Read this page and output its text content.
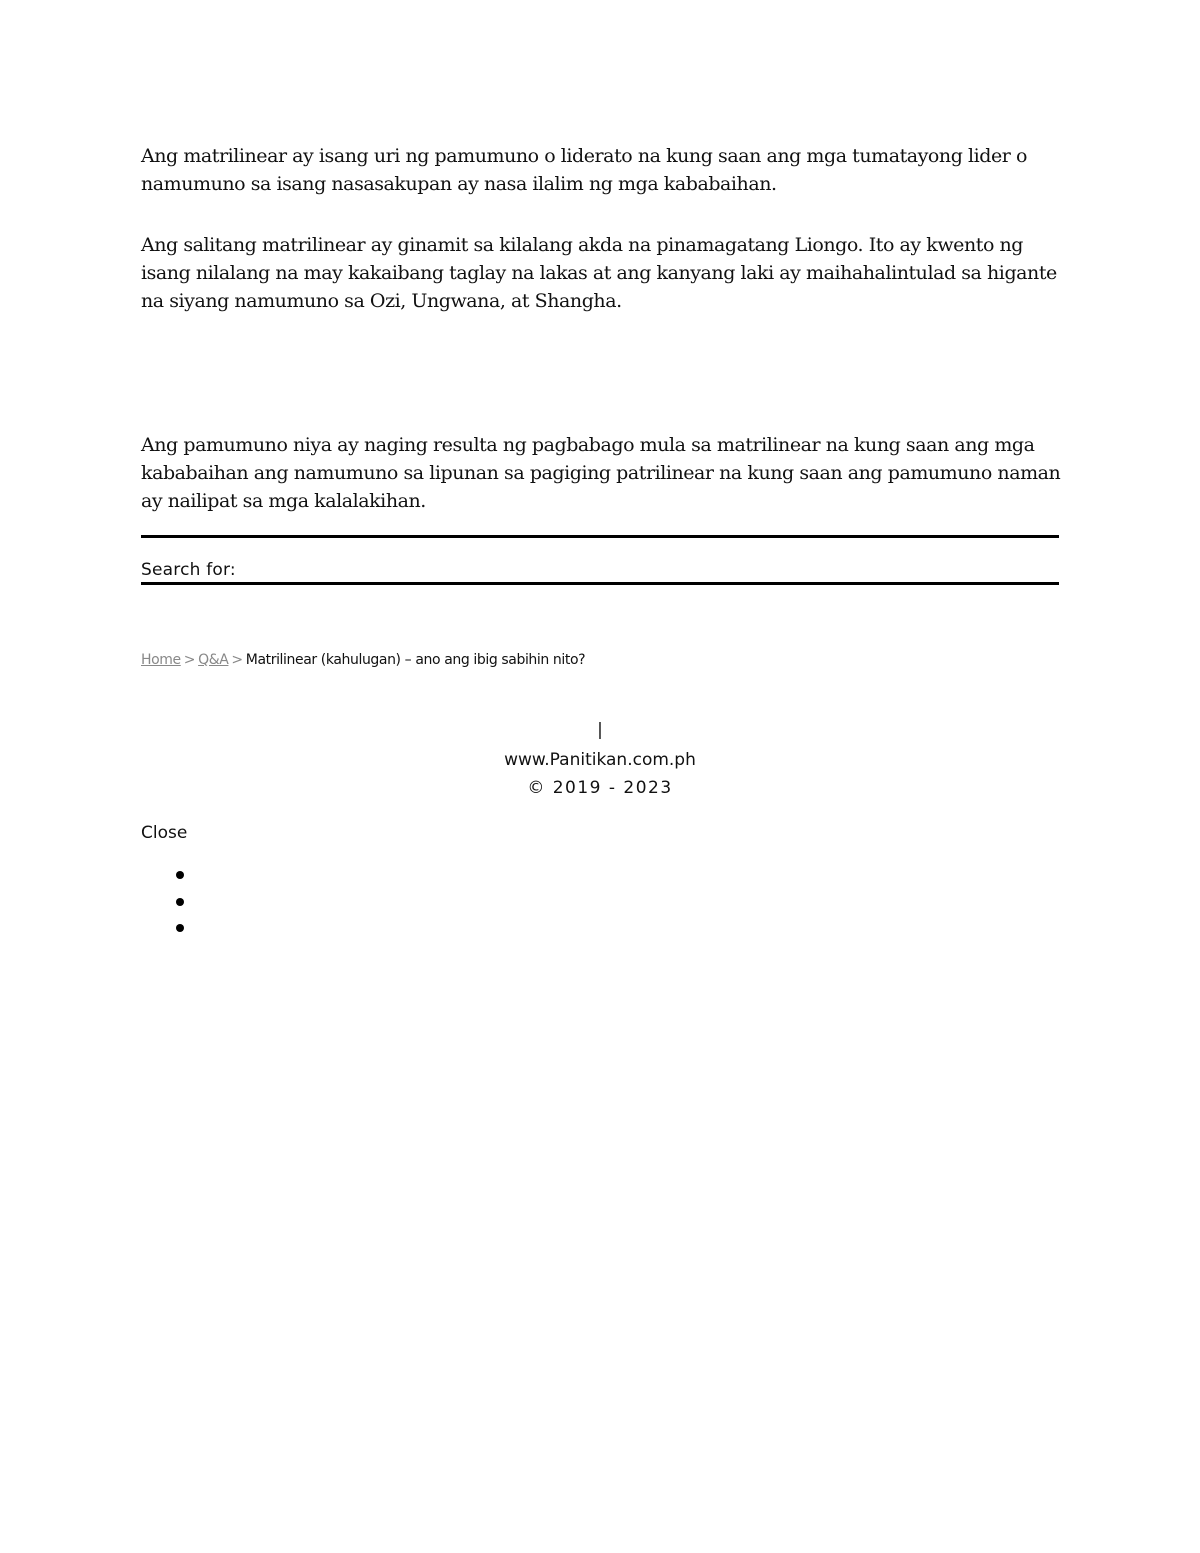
Ang matrilinear ay isang uri ng pamumuno o liderato na kung saan ang mga tumatayong lider o namumuno sa isang nasasakupan ay nasa ilalim ng mga kababaihan.

Ang salitang matrilinear ay ginamit sa kilalang akda na pinamagatang Liongo. Ito ay kwento ng isang nilalang na may kakaibang taglay na lakas at ang kanyang laki ay maihahalintulad sa higante na siyang namumuno sa Ozi, Ungwana, at Shangha.

Ang pamumuno niya ay naging resulta ng pagbabago mula sa matrilinear na kung saan ang mga kababaihan ang namumuno sa lipunan sa pagiging patrilinear na kung saan ang pamumuno naman ay nailipat sa mga kalalakihan.

Search for:
Home > Q&A > Matrilinear (kahulugan) – ano ang ibig sabihin nito?
|
www.Panitikan.com.ph
© 2019 - 2023
Close
